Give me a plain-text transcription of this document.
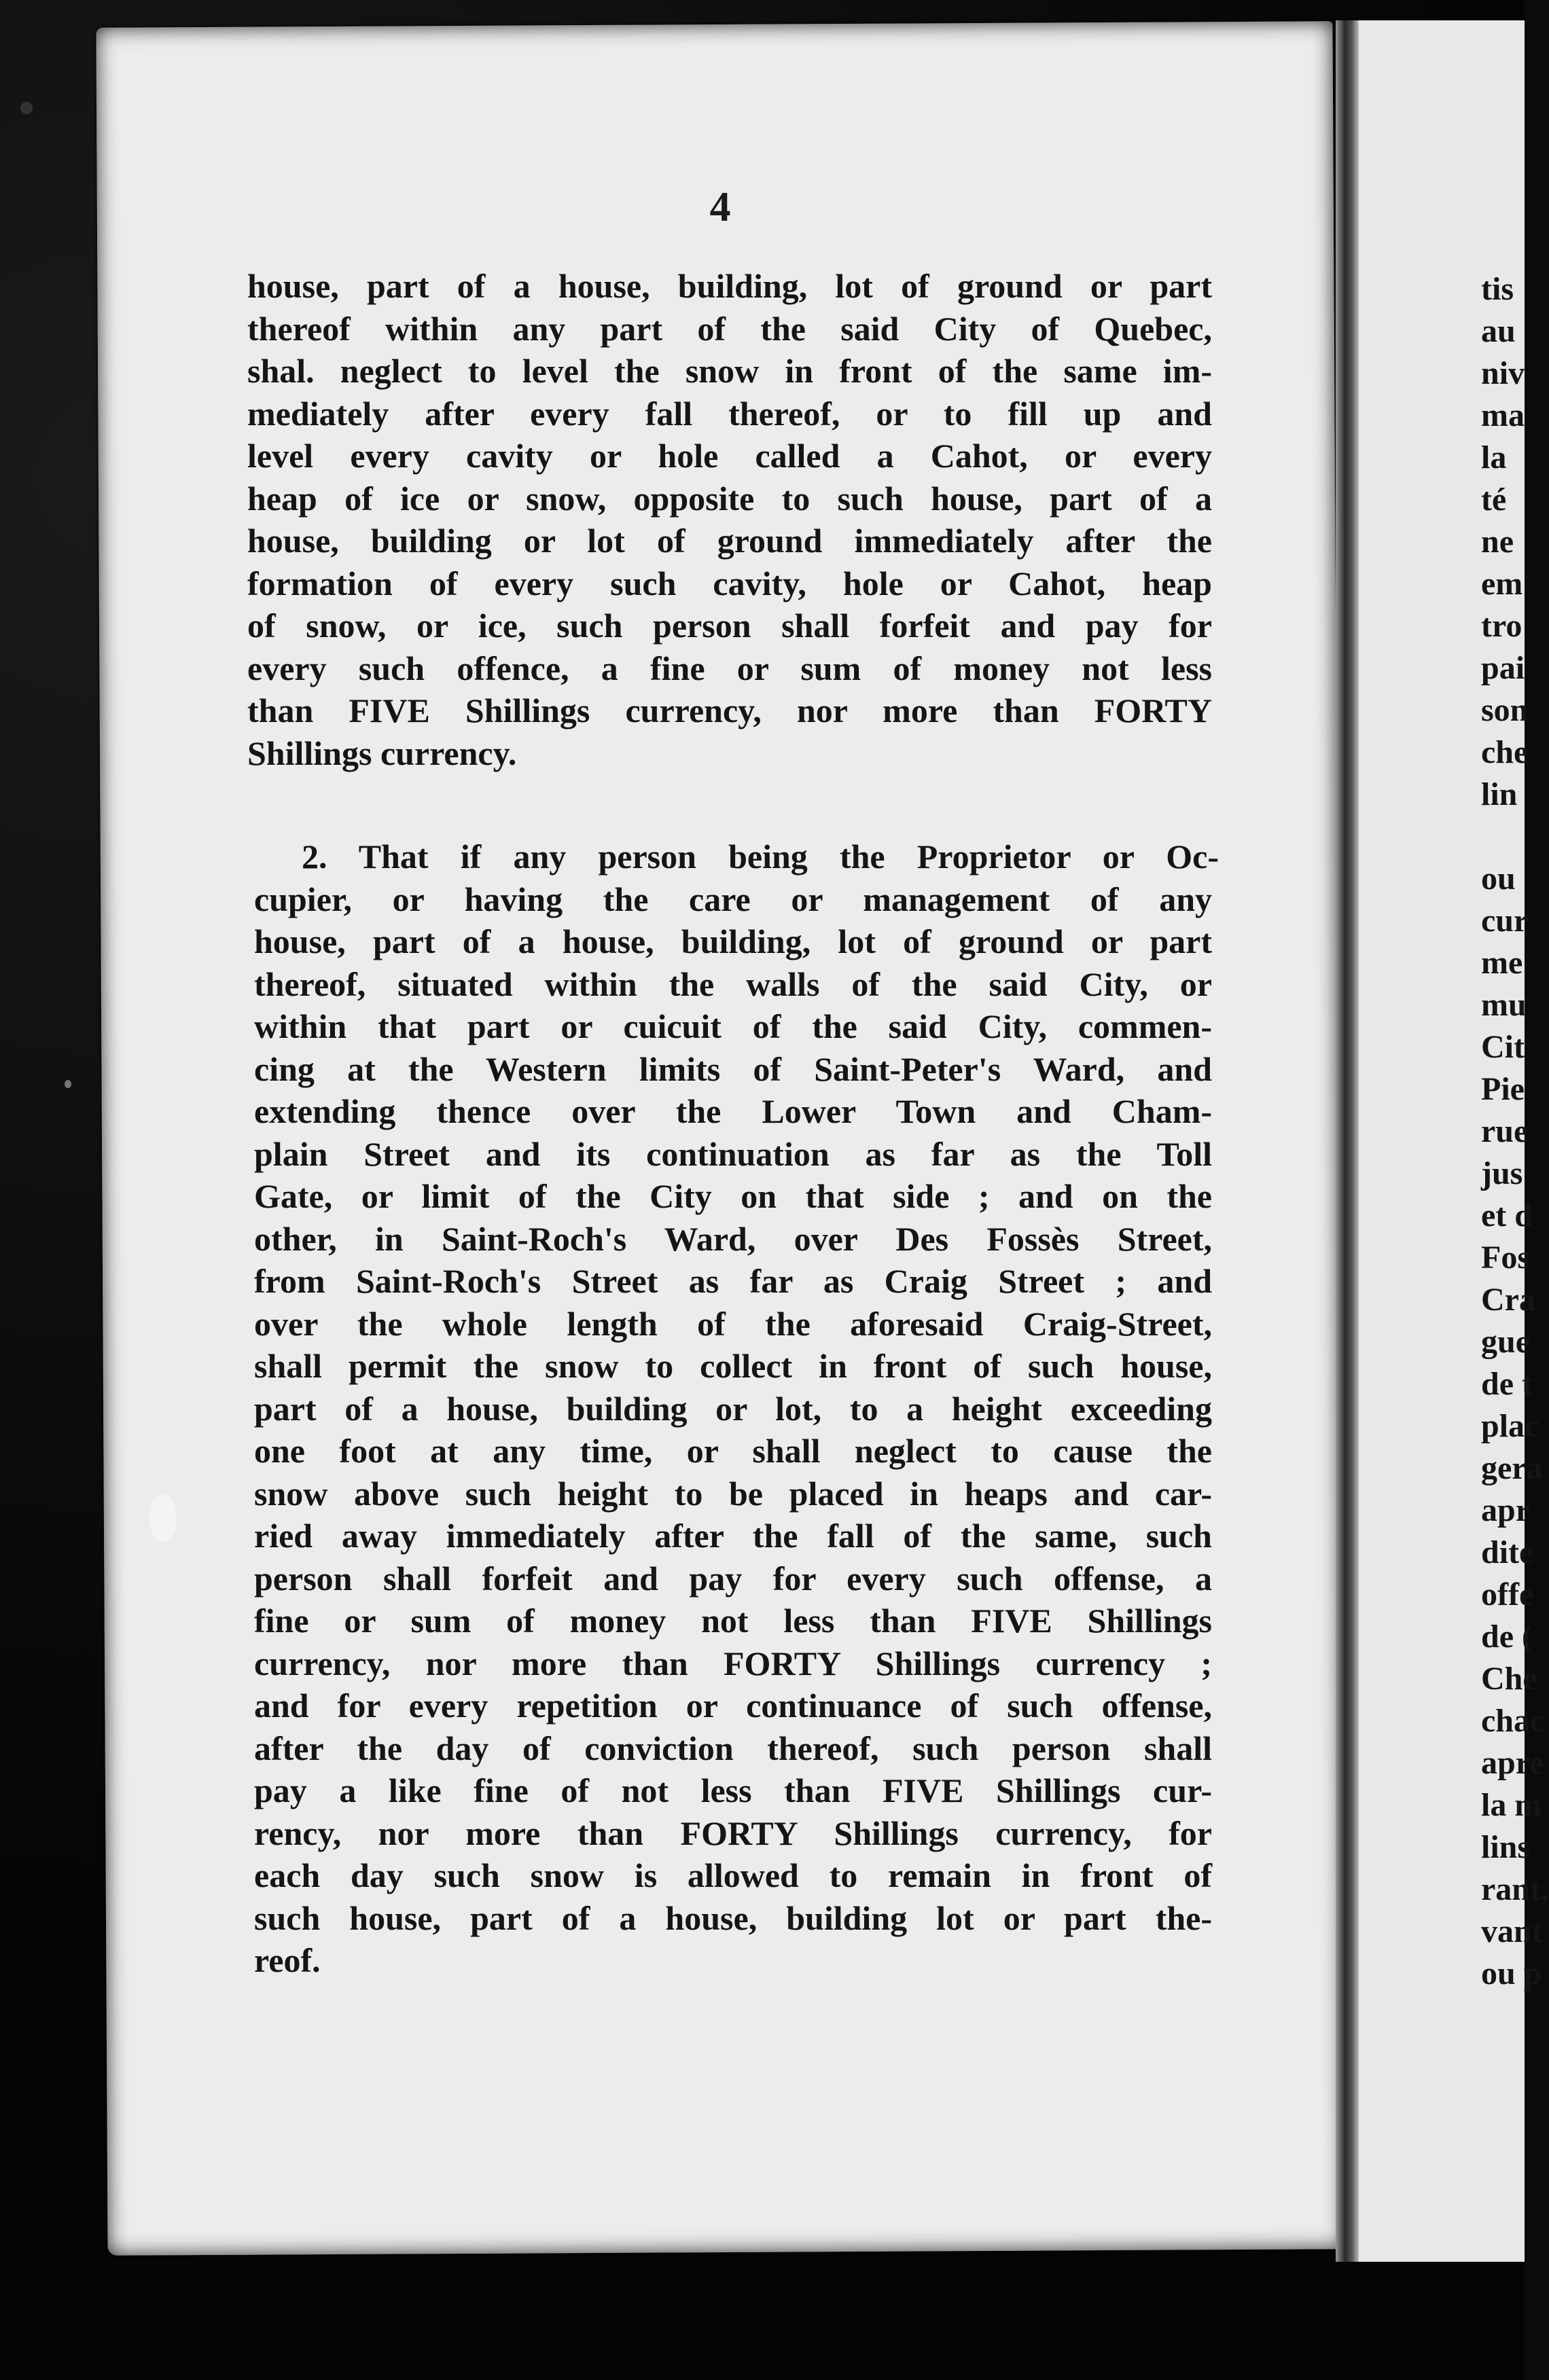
4
house, part of a house, building, lot of ground or part
thereof within any part of the said City of Quebec,
shal. neglect to level the snow in front of the same im-
mediately after every fall thereof, or to fill up and
level every cavity or hole called a Cahot, or every
heap of ice or snow, opposite to such house, part of a
house, building or lot of ground immediately after the
formation of every such cavity, hole or Cahot, heap
of snow, or ice, such person shall forfeit and pay for
every such offence, a fine or sum of money not less
than FIVE Shillings currency, nor more than FORTY
Shillings currency.
2. That if any person being the Proprietor or Oc-
cupier, or having the care or management of any
house, part of a house, building, lot of ground or part
thereof, situated within the walls of the said City, or
within that part or cuicuit of the said City, commen-
cing at the Western limits of Saint-Peter's Ward, and
extending thence over the Lower Town and Cham-
plain Street and its continuation as far as the Toll
Gate, or limit of the City on that side ; and on the
other, in Saint-Roch's Ward, over Des Fossès Street,
from Saint-Roch's Street as far as Craig Street ; and
over the whole length of the aforesaid Craig-Street,
shall permit the snow to collect in front of such house,
part of a house, building or lot, to a height exceeding
one foot at any time, or shall neglect to cause the
snow above such height to be placed in heaps and car-
ried away immediately after the fall of the same, such
person shall forfeit and pay for every such offense, a
fine or sum of money not less than FIVE Shillings
currency, nor more than FORTY Shillings currency ;
and for every repetition or continuance of such offense,
after the day of conviction thereof, such person shall
pay a like fine of not less than FIVE Shillings cur-
rency, nor more than FORTY Shillings currency, for
each day such snow is allowed to remain in front of
such house, part of a house, building lot or part the-
reof.
tis
au
niv
ma
la
té
ne
em
tro
pai
son
che
lin
ou
cur
me
mu
Cit
Pie
rue
jus
et d
Fos
Cra
gue
de t
plac
gera
apr
dite
offe
de (
Che
chac
apre
la m
lins
rant,
vant
ou p
